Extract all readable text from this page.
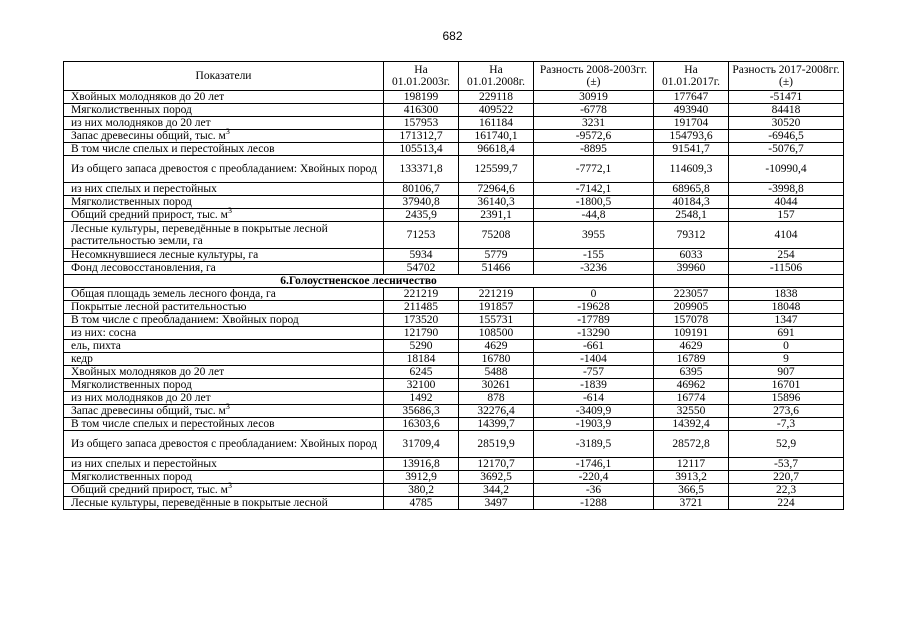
682
Показатели	На 01.01.2003г.	На 01.01.2008г.	Разность 2008-2003гг. (±)	На 01.01.2017г.	Разность 2017-2008гг. (±)
Хвойных молодняков до 20 лет	198199	229118	30919	177647	-51471
Мягколиственных пород	416300	409522	-6778	493940	84418
из них молодняков до 20 лет	157953	161184	3231	191704	30520
Запас древесины общий, тыс. $м^3$	171312,7	161740,1	-9572,6	154793,6	-6946,5
В том числе спелых и перестойных лесов	105513,4	96618,4	-8895	91541,7	-5076,7
Из общего запаса древостоя с преобладанием: Хвойных пород	133371,8	125599,7	-7772,1	114609,3	-10990,4
из них спелых и перестойных	80106,7	72964,6	-7142,1	68965,8	-3998,8
Мягколиственных пород	37940,8	36140,3	-1800,5	40184,3	4044
Общий средний прирост, тыс. $м^3$	2435,9	2391,1	-44,8	2548,1	157
Лесные культуры, переведённые в покрытые лесной растительностью земли, га	71253	75208	3955	79312	4104
Несомкнувшиеся лесные культуры, га	5934	5779	-155	6033	254
Фонд лесовосстановления, га	54702	51466	-3236	39960	-11506
6.Голоустненское лесничество					
Общая площадь земель лесного фонда, га	221219	221219	0	223057	1838
Покрытые лесной растительностью	211485	191857	-19628	209905	18048
В том числе с преобладанием: Хвойных пород	173520	155731	-17789	157078	1347
из них: сосна	121790	108500	-13290	109191	691
ель, пихта	5290	4629	-661	4629	0
кедр	18184	16780	-1404	16789	9
Хвойных молодняков до 20 лет	6245	5488	-757	6395	907
Мягколиственных пород	32100	30261	-1839	46962	16701
из них молодняков до 20 лет	1492	878	-614	16774	15896
Запас древесины общий, тыс. $м^3$	35686,3	32276,4	-3409,9	32550	273,6
В том числе спелых и перестойных лесов	16303,6	14399,7	-1903,9	14392,4	-7,3
Из общего запаса древостоя с преобладанием: Хвойных пород	31709,4	28519,9	-3189,5	28572,8	52,9
из них спелых и перестойных	13916,8	12170,7	-1746,1	12117	-53,7
Мягколиственных пород	3912,9	3692,5	-220,4	3913,2	220,7
Общий средний прирост, тыс. $м^3$	380,2	344,2	-36	366,5	22,3
Лесные культуры, переведённые в покрытые лесной	4785	3497	-1288	3721	224
